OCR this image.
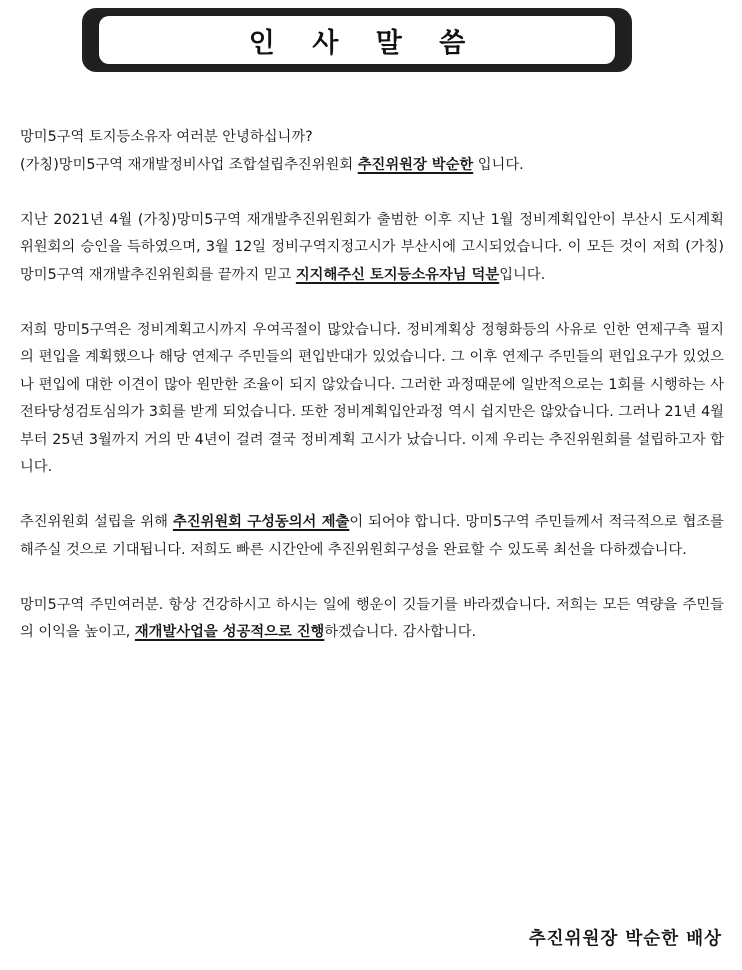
인 사 말 씀

망미5구역 토지등소유자 여러분 안녕하십니까?
(가칭)망미5구역 재개발정비사업 조합설립추진위원회 추진위원장 박순한 입니다.

지난 2021년 4월 (가칭)망미5구역 재개발추진위원회가 출범한 이후 지난 1월 정비계획입안이 부산시 도시계획위원회의 승인을 득하였으며, 3월 12일 정비구역지정고시가 부산시에 고시되었습니다. 이 모든 것이 저희 (가칭)망미5구역 재개발추진위원회를 끝까지 믿고 지지해주신 토지등소유자님 덕분입니다.

저희 망미5구역은 정비계획고시까지 우여곡절이 많았습니다. 정비계획상 정형화등의 사유로 인한 연제구측 필지의 편입을 계획했으나 해당 연제구 주민들의 편입반대가 있었습니다. 그 이후 연제구 주민들의 편입요구가 있었으나 편입에 대한 이견이 많아 원만한 조율이 되지 않았습니다. 그러한 과정때문에 일반적으로는 1회를 시행하는 사전타당성검토심의가 3회를 받게 되었습니다. 또한 정비계획입안과정 역시 쉽지만은 않았습니다. 그러나 21년 4월부터 25년 3월까지 거의 만 4년이 걸려 결국 정비계획 고시가 났습니다. 이제 우리는 추진위원회를 설립하고자 합니다.

추진위원회 설립을 위해 추진위원회 구성동의서 제출이 되어야 합니다. 망미5구역 주민들께서 적극적으로 협조를 해주실 것으로 기대됩니다. 저희도 빠른 시간안에 추진위원회구성을 완료할 수 있도록 최선을 다하겠습니다.

망미5구역 주민여러분. 항상 건강하시고 하시는 일에 행운이 깃들기를 바라겠습니다. 저희는 모든 역량을 주민들의 이익을 높이고, 재개발사업을 성공적으로 진행하겠습니다. 감사합니다.

추진위원장 박순한 배상
